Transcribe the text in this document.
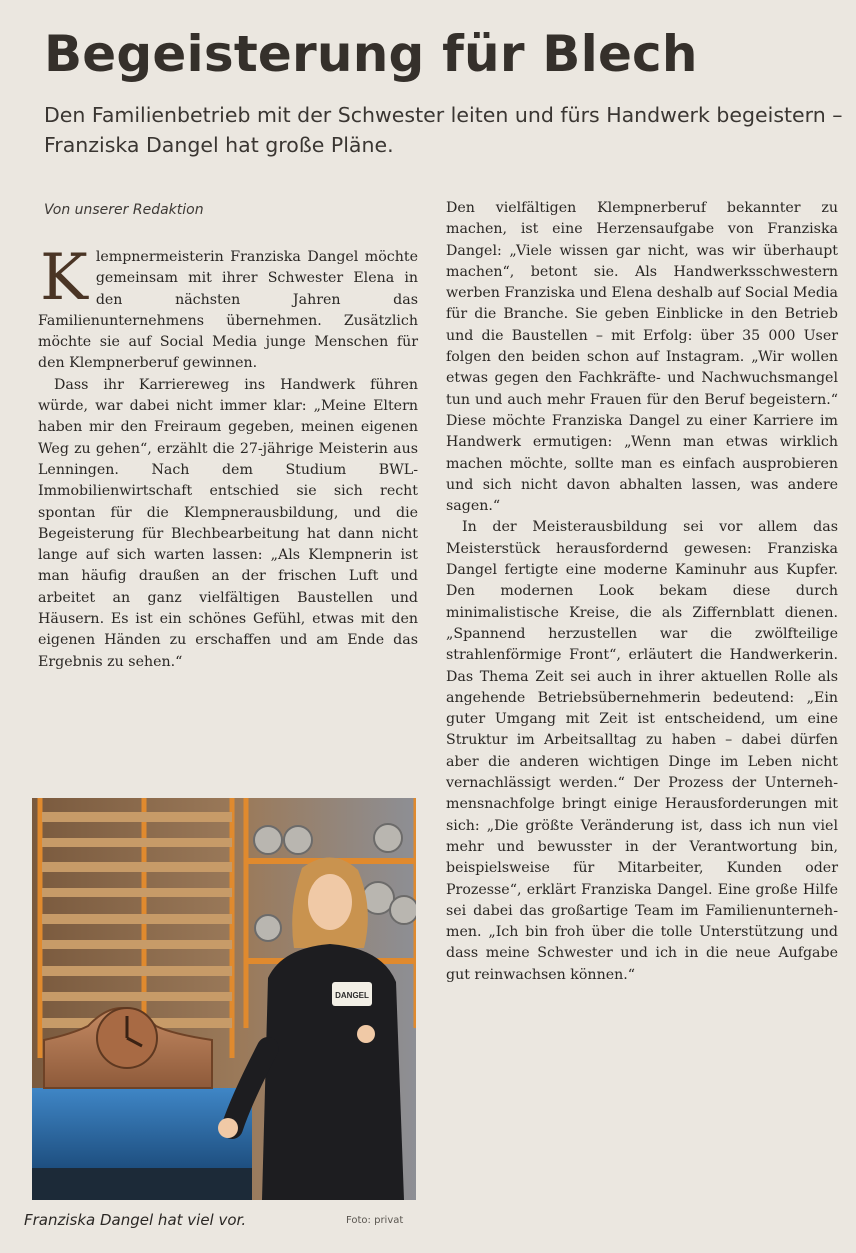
Begeisterung für Blech

Den Familienbetrieb mit der Schwester leiten und fürs Handwerk begeistern – Franziska Dangel hat große Pläne.

Von unserer Redaktion

Klempnermeisterin Franziska Dangel möchte gemeinsam mit ihrer Schwester Elena in den nächsten Jahren das Familienunternehmens übernehmen. Zusätzlich möchte sie auf Social Media junge Menschen für den Klempnerberuf gewinnen.

Dass ihr Karriereweg ins Handwerk führen würde, war dabei nicht immer klar: „Meine Eltern haben mir den Freiraum gegeben, meinen eigenen Weg zu gehen“, erzählt die 27-jährige Meisterin aus Lenningen. Nach dem Studium BWL-Immobilienwirtschaft entschied sie sich recht spontan für die Klempnerausbildung, und die Begeisterung für Blechbearbeitung hat dann nicht lange auf sich warten lassen: „Als Klempnerin ist man häufig draußen an der frischen Luft und arbeitet an ganz vielfältigen Baustellen und Häusern. Es ist ein schönes Gefühl, etwas mit den eigenen Händen zu erschaffen und am Ende das Ergebnis zu sehen.“

DANGEL
Franziska Dangel hat viel vor.	Foto: privat

Den vielfältigen Klempnerberuf bekannter zu machen, ist eine Herzensaufgabe von Franziska Dangel: „Viele wissen gar nicht, was wir überhaupt machen“, betont sie. Als Handwerksschwestern werben Franziska und Elena deshalb auf Social Media für die Branche. Sie geben Einblicke in den Betrieb und die Baustellen – mit Erfolg: über 35 000 User folgen den beiden schon auf Instagram. „Wir wollen etwas gegen den Fachkräfte- und Nachwuchsmangel tun und auch mehr Frauen für den Beruf begeistern.“ Diese möchte Franziska Dangel zu einer Karriere im Handwerk ermutigen: „Wenn man etwas wirklich machen möchte, sollte man es einfach ausprobieren und sich nicht davon abhalten lassen, was andere sagen.“

In der Meisterausbildung sei vor allem das Meisterstück herausfordernd gewesen: Franziska Dangel fertigte eine moderne Kaminuhr aus Kupfer. Den modernen Look bekam diese durch minimalistische Kreise, die als Ziffernblatt dienen. „Spannend herzustellen war die zwölfteilige strahlenförmige Front“, erläutert die Handwerkerin. Das Thema Zeit sei auch in ihrer aktuellen Rolle als angehende Betriebsübernehmerin bedeutend: „Ein guter Umgang mit Zeit ist entscheidend, um eine Struktur im Arbeitsalltag zu haben – dabei dürfen aber die anderen wichtigen Dinge im Leben nicht vernachlässigt werden.“ Der Prozess der Unternehmensnachfolge bringt einige Herausforderungen mit sich: „Die größte Veränderung ist, dass ich nun viel mehr und bewusster in der Verantwortung bin, beispielsweise für Mitarbeiter, Kunden oder Prozesse“, erklärt Franziska Dangel. Eine große Hilfe sei dabei das großartige Team im Familienunternehmen. „Ich bin froh über die tolle Unterstützung und dass meine Schwester und ich in die neue Aufgabe gut reinwachsen können.“
